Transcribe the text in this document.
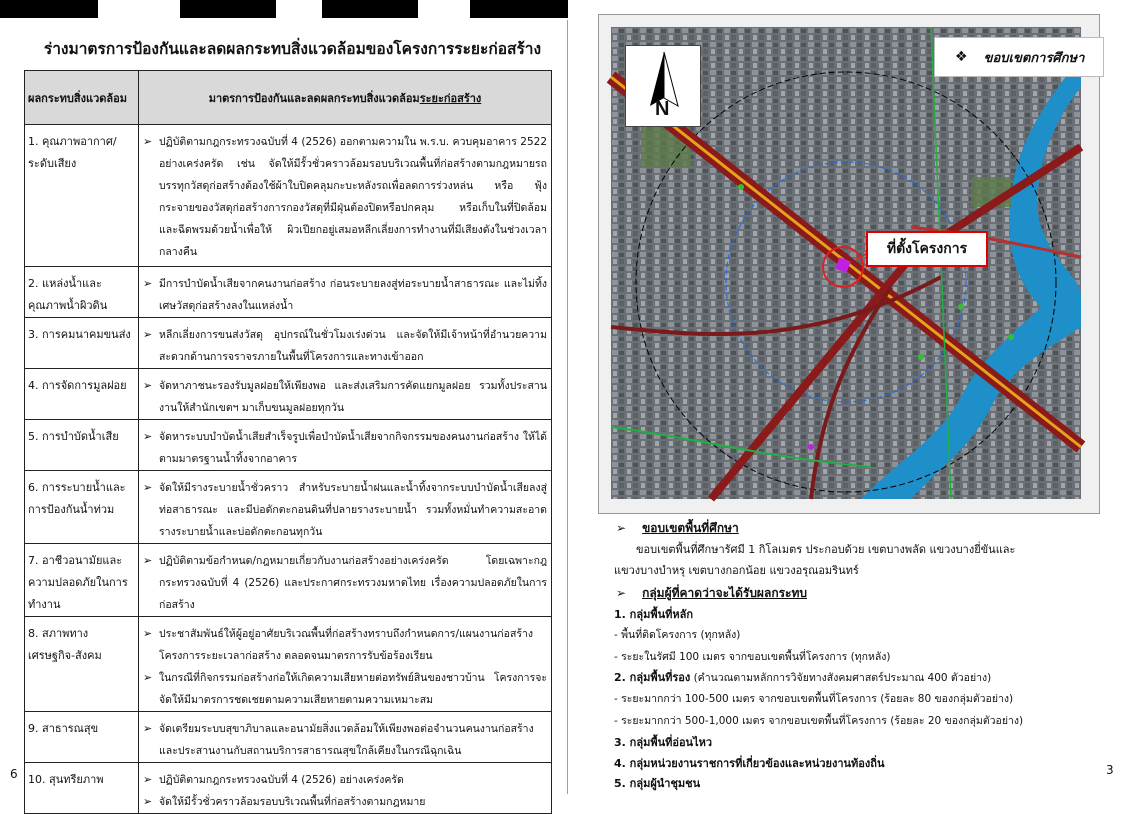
ร่างมาตรการป้องกันและลดผลกระทบสิ่งแวดล้อมของโครงการระยะก่อสร้าง
ผลกระทบสิ่งแวดล้อม	มาตรการป้องกันและลดผลกระทบสิ่งแวดล้อมระยะก่อสร้าง
1. คุณภาพอากาศ/ระดับเสียง	➢ ปฏิบัติตามกฎกระทรวงฉบับที่ 4 (2526) ออกตามความใน พ.ร.บ. ควบคุมอาคาร 2522 อย่างเคร่งครัด เช่น จัดให้มีรั้วชั่วคราวล้อมรอบบริเวณพื้นที่ก่อสร้างตามกฎหมายรถบรรทุกวัสดุก่อสร้างต้องใช้ผ้าใบปิดคลุมกะบะหลังรถเพื่อลดการร่วงหล่น หรือ ฟุ้งกระจายของวัสดุก่อสร้างการกองวัสดุที่มีฝุ่นต้องปิดหรือปกคลุม หรือเก็บในที่ปิดล้อม และฉีดพรมด้วยน้ำเพื่อให้ ผิวเปียกอยู่เสมอหลีกเลี่ยงการทำงานที่มีเสียงดังในช่วงเวลากลางคืน

2. แหล่งน้ำและคุณภาพน้ำผิวดิน	➢ มีการบำบัดน้ำเสียจากคนงานก่อสร้าง ก่อนระบายลงสู่ท่อระบายน้ำสาธารณะ และไม่ทิ้งเศษวัสดุก่อสร้างลงในแหล่งน้ำ

3. การคมนาคมขนส่ง	➢ หลีกเลี่ยงการขนส่งวัสดุ อุปกรณ์ในชั่วโมงเร่งด่วน และจัดให้มีเจ้าหน้าที่อำนวยความสะดวกด้านการจราจรภายในพื้นที่โครงการและทางเข้าออก

4. การจัดการมูลฝอย	➢ จัดหาภาชนะรองรับมูลฝอยให้เพียงพอ และส่งเสริมการคัดแยกมูลฝอย รวมทั้งประสานงานให้สำนักเขตฯ มาเก็บขนมูลฝอยทุกวัน

5. การบำบัดน้ำเสีย	➢ จัดหาระบบบำบัดน้ำเสียสำเร็จรูปเพื่อบำบัดน้ำเสียจากกิจกรรมของคนงานก่อสร้าง ให้ได้ตามมาตรฐานน้ำทิ้งจากอาคาร

6. การระบายน้ำและการป้องกันน้ำท่วม	➢ จัดให้มีรางระบายน้ำชั่วคราว สำหรับระบายน้ำฝนและน้ำทิ้งจากระบบบำบัดน้ำเสียลงสู่ท่อสาธารณะ และมีบ่อดักตะกอนดินที่ปลายรางระบายน้ำ รวมทั้งหมั่นทำความสะอาดรางระบายน้ำและบ่อดักตะกอนทุกวัน

7. อาชีวอนามัยและความปลอดภัยในการทำงาน	➢ ปฏิบัติตามข้อกำหนด/กฎหมายเกี่ยวกับงานก่อสร้างอย่างเคร่งครัด โดยเฉพาะกฎกระทรวงฉบับที่ 4 (2526) และประกาศกระทรวงมหาดไทย เรื่องความปลอดภัยในการก่อสร้าง

8. สภาพทางเศรษฐกิจ-สังคม	➢ ประชาสัมพันธ์ให้ผู้อยู่อาศัยบริเวณพื้นที่ก่อสร้างทราบถึงกำหนดการ/แผนงานก่อสร้างโครงการระยะเวลาก่อสร้าง ตลอดจนมาตรการรับข้อร้องเรียน
➢ ในกรณีที่กิจกรรมก่อสร้างก่อให้เกิดความเสียหายต่อทรัพย์สินของชาวบ้าน โครงการจะจัดให้มีมาตรการชดเชยตามความเสียหายตามความเหมาะสม

9. สาธารณสุข	➢ จัดเตรียมระบบสุขาภิบาลและอนามัยสิ่งแวดล้อมให้เพียงพอต่อจำนวนคนงานก่อสร้าง และประสานงานกับสถานบริการสาธารณสุขใกล้เคียงในกรณีฉุกเฉิน

10. สุนทรียภาพ	➢ ปฏิบัติตามกฎกระทรวงฉบับที่ 4 (2526) อย่างเคร่งครัด
➢ จัดให้มีรั้วชั่วคราวล้อมรอบบริเวณพื้นที่ก่อสร้างตามกฎหมาย
6
N
❖ ขอบเขตการศึกษา
ที่ตั้งโครงการ
➢ ขอบเขตพื้นที่ศึกษา
ขอบเขตพื้นที่ศึกษารัศมี 1 กิโลเมตร ประกอบด้วย เขตบางพลัด แขวงบางยี่ขันและ
แขวงบางบำหรุ เขตบางกอกน้อย แขวงอรุณอมรินทร์
➢ กลุ่มผู้ที่คาดว่าจะได้รับผลกระทบ
1. กลุ่มพื้นที่หลัก
- พื้นที่ติดโครงการ (ทุกหลัง)
- ระยะในรัศมี 100 เมตร จากขอบเขตพื้นที่โครงการ (ทุกหลัง)
2. กลุ่มพื้นที่รอง (คำนวณตามหลักการวิจัยทางสังคมศาสตร์ประมาณ 400 ตัวอย่าง)
- ระยะมากกว่า 100-500 เมตร จากขอบเขตพื้นที่โครงการ (ร้อยละ 80 ของกลุ่มตัวอย่าง)
- ระยะมากกว่า 500-1,000 เมตร จากขอบเขตพื้นที่โครงการ (ร้อยละ 20 ของกลุ่มตัวอย่าง)
3. กลุ่มพื้นที่อ่อนไหว
4. กลุ่มหน่วยงานราชการที่เกี่ยวข้องและหน่วยงานท้องถิ่น
5. กลุ่มผู้นำชุมชน
3
